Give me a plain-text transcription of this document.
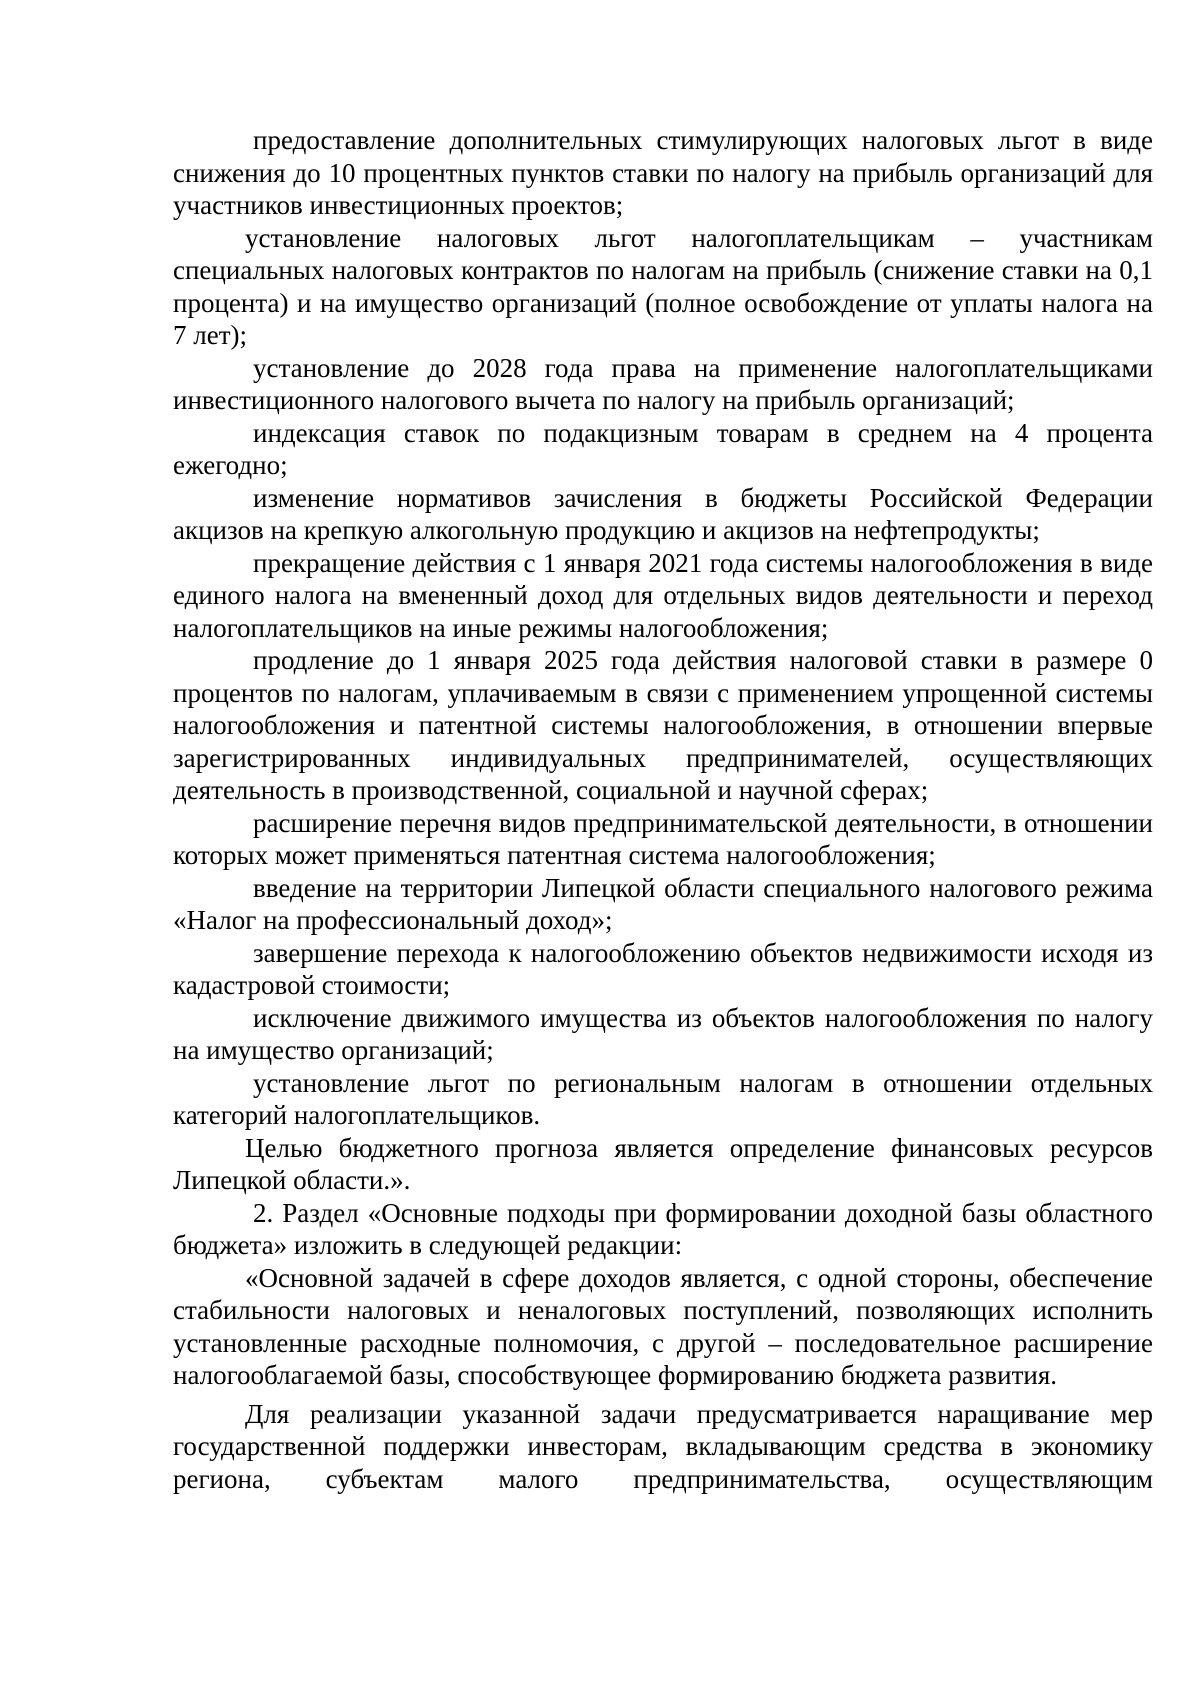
предоставление дополнительных стимулирующих налоговых льгот в виде снижения до 10 процентных пунктов ставки по налогу на прибыль организаций для участников инвестиционных проектов;

установление налоговых льгот налогоплательщикам – участникам специальных налоговых контрактов по налогам на прибыль (снижение ставки на 0,1 процента) и на имущество организаций (полное освобождение от уплаты налога на 7 лет);

установление до 2028 года права на применение налогоплательщиками инвестиционного налогового вычета по налогу на прибыль организаций;

индексация ставок по подакцизным товарам в среднем на 4 процента ежегодно;

изменение нормативов зачисления в бюджеты Российской Федерации акцизов на крепкую алкогольную продукцию и акцизов на нефтепродукты;

прекращение действия с 1 января 2021 года системы налогообложения в виде единого налога на вмененный доход для отдельных видов деятельности и переход налогоплательщиков на иные режимы налогообложения;

продление до 1 января 2025 года действия налоговой ставки в размере 0 процентов по налогам, уплачиваемым в связи с применением упрощенной системы налогообложения и патентной системы налогообложения, в отношении впервые зарегистрированных индивидуальных предпринимателей, осуществляющих деятельность в производственной, социальной и научной сферах;

расширение перечня видов предпринимательской деятельности, в отношении которых может применяться патентная система налогообложения;

введение на территории Липецкой области специального налогового режима «Налог на профессиональный доход»;

завершение перехода к налогообложению объектов недвижимости исходя из кадастровой стоимости;

исключение движимого имущества из объектов налогообложения по налогу на имущество организаций;

установление льгот по региональным налогам в отношении отдельных категорий налогоплательщиков.

Целью бюджетного прогноза является определение финансовых ресурсов Липецкой области.».

2. Раздел «Основные подходы при формировании доходной базы областного бюджета» изложить в следующей редакции:

«Основной задачей в сфере доходов является, с одной стороны, обеспечение стабильности налоговых и неналоговых поступлений, позволяющих исполнить установленные расходные полномочия, с другой – последовательное расширение налогооблагаемой базы, способствующее формированию бюджета развития.

Для реализации указанной задачи предусматривается наращивание мер государственной поддержки инвесторам, вкладывающим средства в экономику региона, субъектам малого предпринимательства, осуществляющим
